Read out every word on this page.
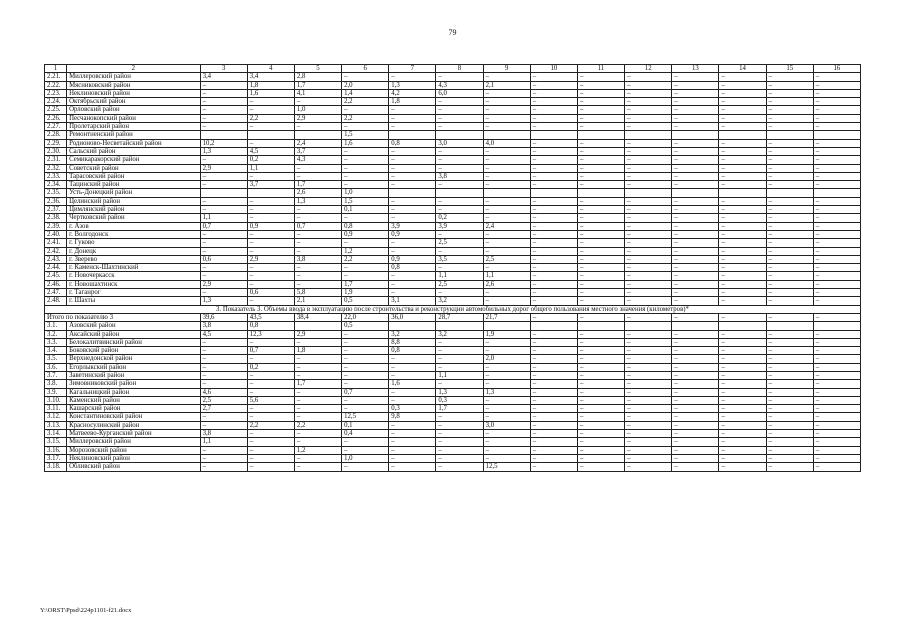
79
1	2	3	4	5	6	7	8	9	10	11	12	13	14	15	16
2.21.	Миллеровский район	3,4	3,4	2,8	–	–	–	–	–	–	–	–	–	–	–
2.22.	Мясниковский район	–	1,8	1,7	2,0	1,3	4,3	2,1	–	–	–	–	–	–	–
2.23.	Неклиновский район	–	1,6	4,1	1,4	4,2	6,0	–	–	–	–	–	–	–	–
2.24.	Октябрьский район	–	–	–	2,2	1,8	–	–	–	–	–	–	–	–	–
2.25.	Орловский район	–	–	1,0	–	–	–	–	–	–	–	–	–	–	–
2.26.	Песчанокопский район	–	2,2	2,9	2,2	–	–	–	–	–	–	–	–	–	–
2.27.	Пролетарский район	–	–	–	–	–	–	–	–	–	–	–	–	–	–
2.28.	Ремонтненский район				1,5										
2.29.	Родионово-Несветайский район	10,2	–	2,4	1,6	0,8	3,0	4,0	–	–	–	–	–	–	–
2.30.	Сальский район	1,3	4,5	3,7	–	–	–	–	–	–	–	–	–	–	–
2.31.	Семикаракорский район	–	0,2	4,3	–	–	–	–	–	–	–	–	–	–	–
2.32.	Советский район	2,9	1,1	–	–	–	–	–	–	–	–	–	–	–	–
2.33.	Тарасовский район	–	–	–	–	–	3,8	–	–	–	–	–	–	–	–
2.34.	Тацинский район	–	3,7	1,7	–	–	–	–	–	–	–	–	–	–	–
2.35.	Усть-Донецкий район			2,6	1,0										
2.36.	Целинский район	–	–	1,3	1,5	–	–	–	–	–	–	–	–	–	–
2.37.	Цимлянский район	–	–	–	0,1	–	–	–	–	–	–	–	–	–	–
2.38.	Чертковский район	1,1	–	–	–	–	0,2	–	–	–	–	–	–	–	–
2.39.	г. Азов	0,7	0,9	0,7	0,8	3,9	3,9	2,4	–	–	–	–	–	–	–
2.40.	г. Волгодонск	–	–	–	0,9	0,9	–	–	–	–	–	–	–	–	–
2.41.	г. Гуково	–	–	–	–	–	2,5	–	–	–	–	–	–	–	–
2.42.	г. Донецк	–	–	–	1,2	–	–	–	–	–	–	–	–	–	–
2.43.	г. Зверево	0,6	2,9	3,8	2,2	0,9	3,5	2,5	–	–	–	–	–	–	–
2.44.	г. Каменск-Шахтинский	–	–	–	–	0,8	–	–	–	–	–	–	–	–	–
2.45.	г. Новочеркасск	–	–	–	–	–	1,1	1,1	–	–	–	–	–	–	–
2.46.	г. Новошахтинск	2,9	–	–	1,7	–	2,5	2,6	–	–	–	–	–	–	–
2.47.	г. Таганрог	–	0,6	5,8	1,9	–	–	–	–	–	–	–	–	–	–
2.48.	г. Шахты	1,3	–	2,1	0,5	3,1	3,2	–	–	–	–	–	–	–	–
3. Показатель 3. Объемы ввода в эксплуатацию после строительства и реконструкции автомобильных дорог общего пользования местного значения (километров)*															
Итого по показателю 3		39,6	43,5	38,4	22,0	36,0	28,7	21,7	–	–	–	–	–	–	–
3.1.	Азовский район	3,8	0,8		0,5										
3.2.	Аксайский район	4,5	12,3	2,9	–	3,2	3,2	1,9	–	–	–	–	–	–	–
3.3.	Белокалитвинский район	–	–	–	–	8,8	–	–	–	–	–	–	–	–	–
3.4.	Боковский район	–	0,7	1,8	–	0,8	–	–	–	–	–	–	–	–	–
3.5.	Верхнедонской район	–	–	–	–	–	–	2,0	–	–	–	–	–	–	–
3.6.	Егорлыкский район	–	0,2	–	–	–	–	–	–	–	–	–	–	–	–
3.7.	Заветинский район	–	–	–	–	–	1,1	–	–	–	–	–	–	–	–
3.8.	Зимовниковский район	–	–	1,7	–	1,6	–	–	–	–	–	–	–	–	–
3.9.	Кагальницкий район	4,6	–	–	0,7	–	1,3	1,3	–	–	–	–	–	–	–
3.10.	Каменский район	2,5	5,6	–	–	–	0,3	–	–	–	–	–	–	–	–
3.11.	Кашарский район	2,7	–	–	–	0,3	1,7	–	–	–	–	–	–	–	–
3.12.	Константиновский район	–	–	–	12,5	9,8	–	–	–	–	–	–	–	–	–
3.13.	Красносулинский район	–	2,2	2,2	0,1	–	–	3,0	–	–	–	–	–	–	–
3.14.	Матвеево-Курганский район	3,8	–	–	0,4	–	–	–	–	–	–	–	–	–	–
3.15.	Миллеровский район	1,1	–	–	–	–	–	–	–	–	–	–	–	–	–
3.16.	Морозовский район	–	–	1,2	–	–	–	–	–	–	–	–	–	–	–
3.17.	Неклиновский район	–	–	–	1,0	–	–	–	–	–	–	–	–	–	–
3.18.	Обливский район	–	–	–	–	–	–	12,5	–	–	–	–	–	–	–
Y:\ORST\Ppsd\224p1101-f21.docx
